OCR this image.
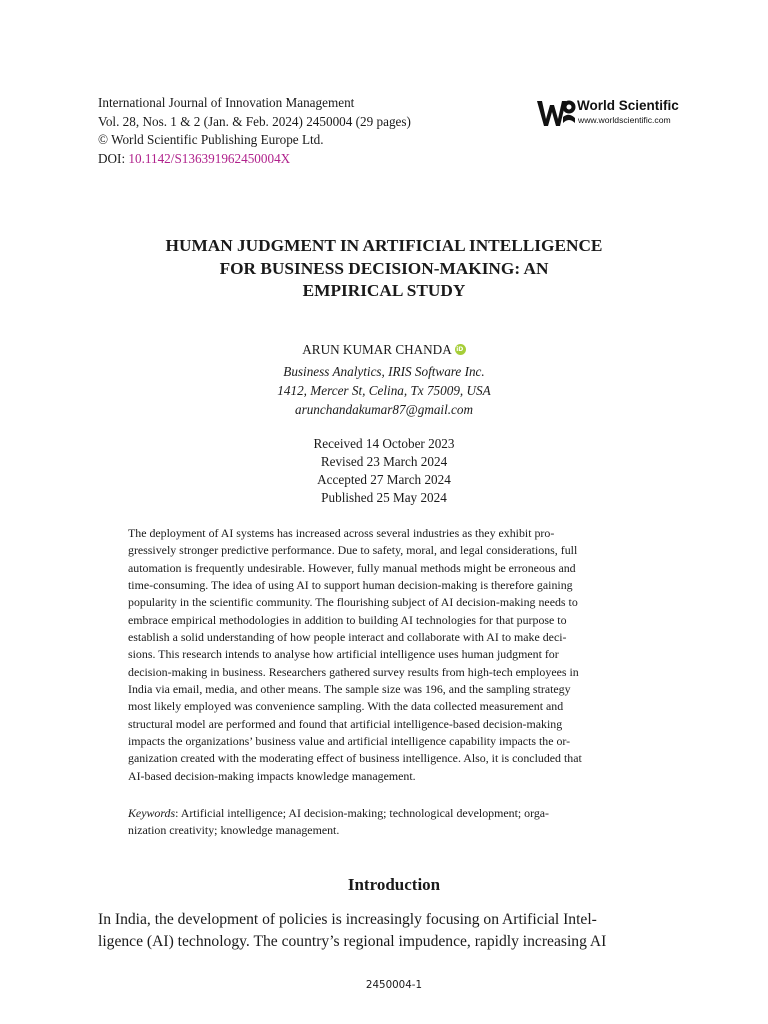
International Journal of Innovation Management
Vol. 28, Nos. 1 & 2 (Jan. & Feb. 2024) 2450004 (29 pages)
© World Scientific Publishing Europe Ltd.
DOI: 10.1142/S136391962450004X
World Scientific
www.worldscientific.com
HUMAN JUDGMENT IN ARTIFICIAL INTELLIGENCE
FOR BUSINESS DECISION-MAKING: AN
EMPIRICAL STUDY
ARUN KUMAR CHANDAiD
Business Analytics, IRIS Software Inc.
1412, Mercer St, Celina, Tx 75009, USA
arunchandakumar87@gmail.com
Received 14 October 2023
Revised 23 March 2024
Accepted 27 March 2024
Published 25 May 2024

The deployment of AI systems has increased across several industries as they exhibit pro-
gressively stronger predictive performance. Due to safety, moral, and legal considerations, full
automation is frequently undesirable. However, fully manual methods might be erroneous and
time-consuming. The idea of using AI to support human decision-making is therefore gaining
popularity in the scientific community. The flourishing subject of AI decision-making needs to
embrace empirical methodologies in addition to building AI technologies for that purpose to
establish a solid understanding of how people interact and collaborate with AI to make deci-
sions. This research intends to analyse how artificial intelligence uses human judgment for
decision-making in business. Researchers gathered survey results from high-tech employees in
India via email, media, and other means. The sample size was 196, and the sampling strategy
most likely employed was convenience sampling. With the data collected measurement and
structural model are performed and found that artificial intelligence-based decision-making
impacts the organizations’ business value and artificial intelligence capability impacts the or-
ganization created with the moderating effect of business intelligence. Also, it is concluded that
AI-based decision-making impacts knowledge management.

Keywords: Artificial intelligence; AI decision-making; technological development; orga-
nization creativity; knowledge management.

Introduction

In India, the development of policies is increasingly focusing on Artificial Intel-
ligence (AI) technology. The country’s regional impudence, rapidly increasing AI

2450004-1
